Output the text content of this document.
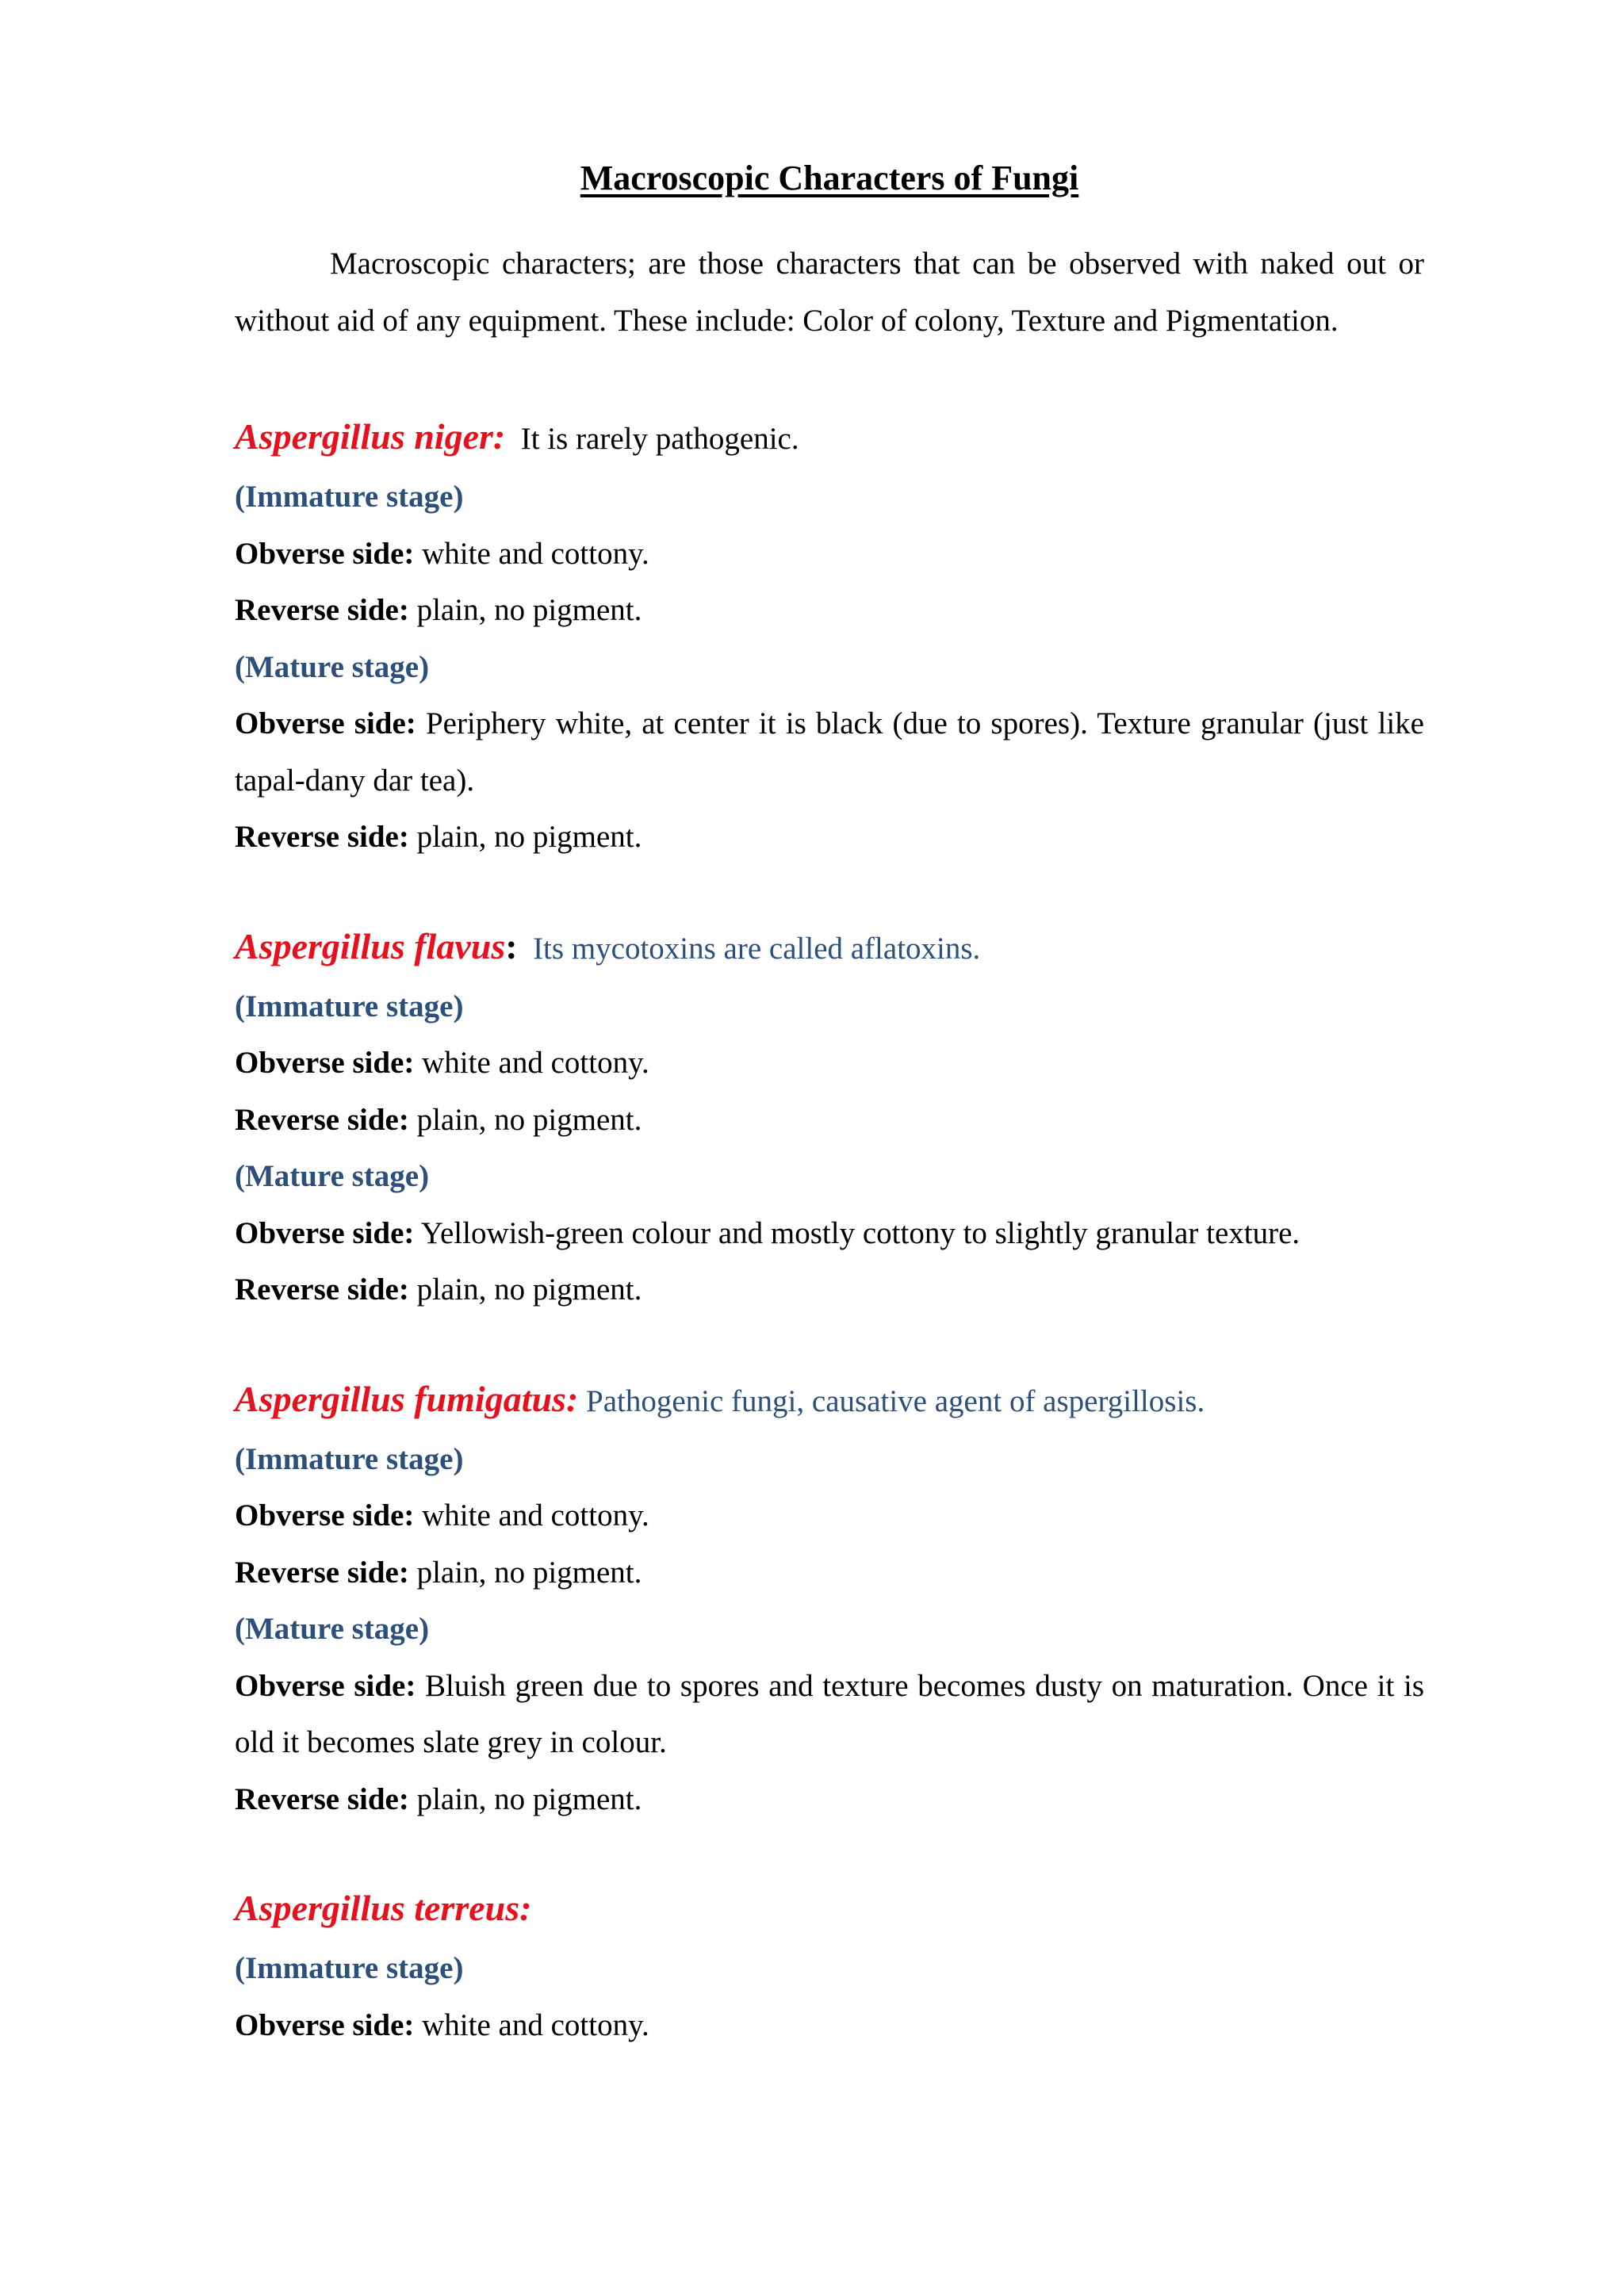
Macroscopic Characters of Fungi

Macroscopic characters; are those characters that can be observed with naked out or without aid of any equipment. These include: Color of colony, Texture and Pigmentation.

Aspergillus niger: It is rarely pathogenic.

(Immature stage)

Obverse side: white and cottony.

Reverse side: plain, no pigment.

(Mature stage)

Obverse side: Periphery white, at center it is black (due to spores). Texture granular (just like tapal-dany dar tea).

Reverse side: plain, no pigment.

Aspergillus flavus: Its mycotoxins are called aflatoxins.

(Immature stage)

Obverse side: white and cottony.

Reverse side: plain, no pigment.

(Mature stage)

Obverse side: Yellowish-green colour and mostly cottony to slightly granular texture.

Reverse side: plain, no pigment.

Aspergillus fumigatus: Pathogenic fungi, causative agent of aspergillosis.

(Immature stage)

Obverse side: white and cottony.

Reverse side: plain, no pigment.

(Mature stage)

Obverse side: Bluish green due to spores and texture becomes dusty on maturation. Once it is old it becomes slate grey in colour.

Reverse side: plain, no pigment.

Aspergillus terreus:

(Immature stage)

Obverse side: white and cottony.
